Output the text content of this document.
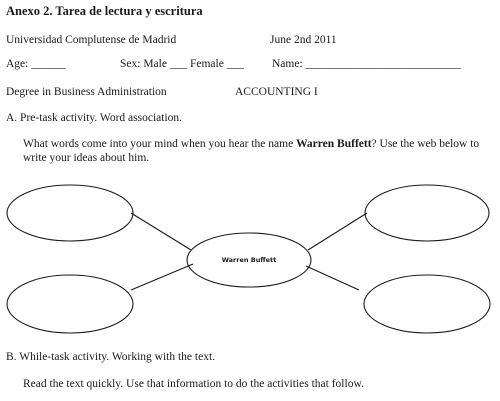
Anexo 2. Tarea de lectura y escritura
Universidad Complutense de Madrid	June 2nd 2011
Age: ______	Sex: Male ___ Female ___ Name: ___________________________
Degree in Business Administration	ACCOUNTING I
A. Pre-task activity. Word association.
What words come into your mind when you hear the name Warren Buffett? Use the web below to write your ideas about him.
Warren Buffett
B. While-task activity. Working with the text.
Read the text quickly. Use that information to do the activities that follow.
